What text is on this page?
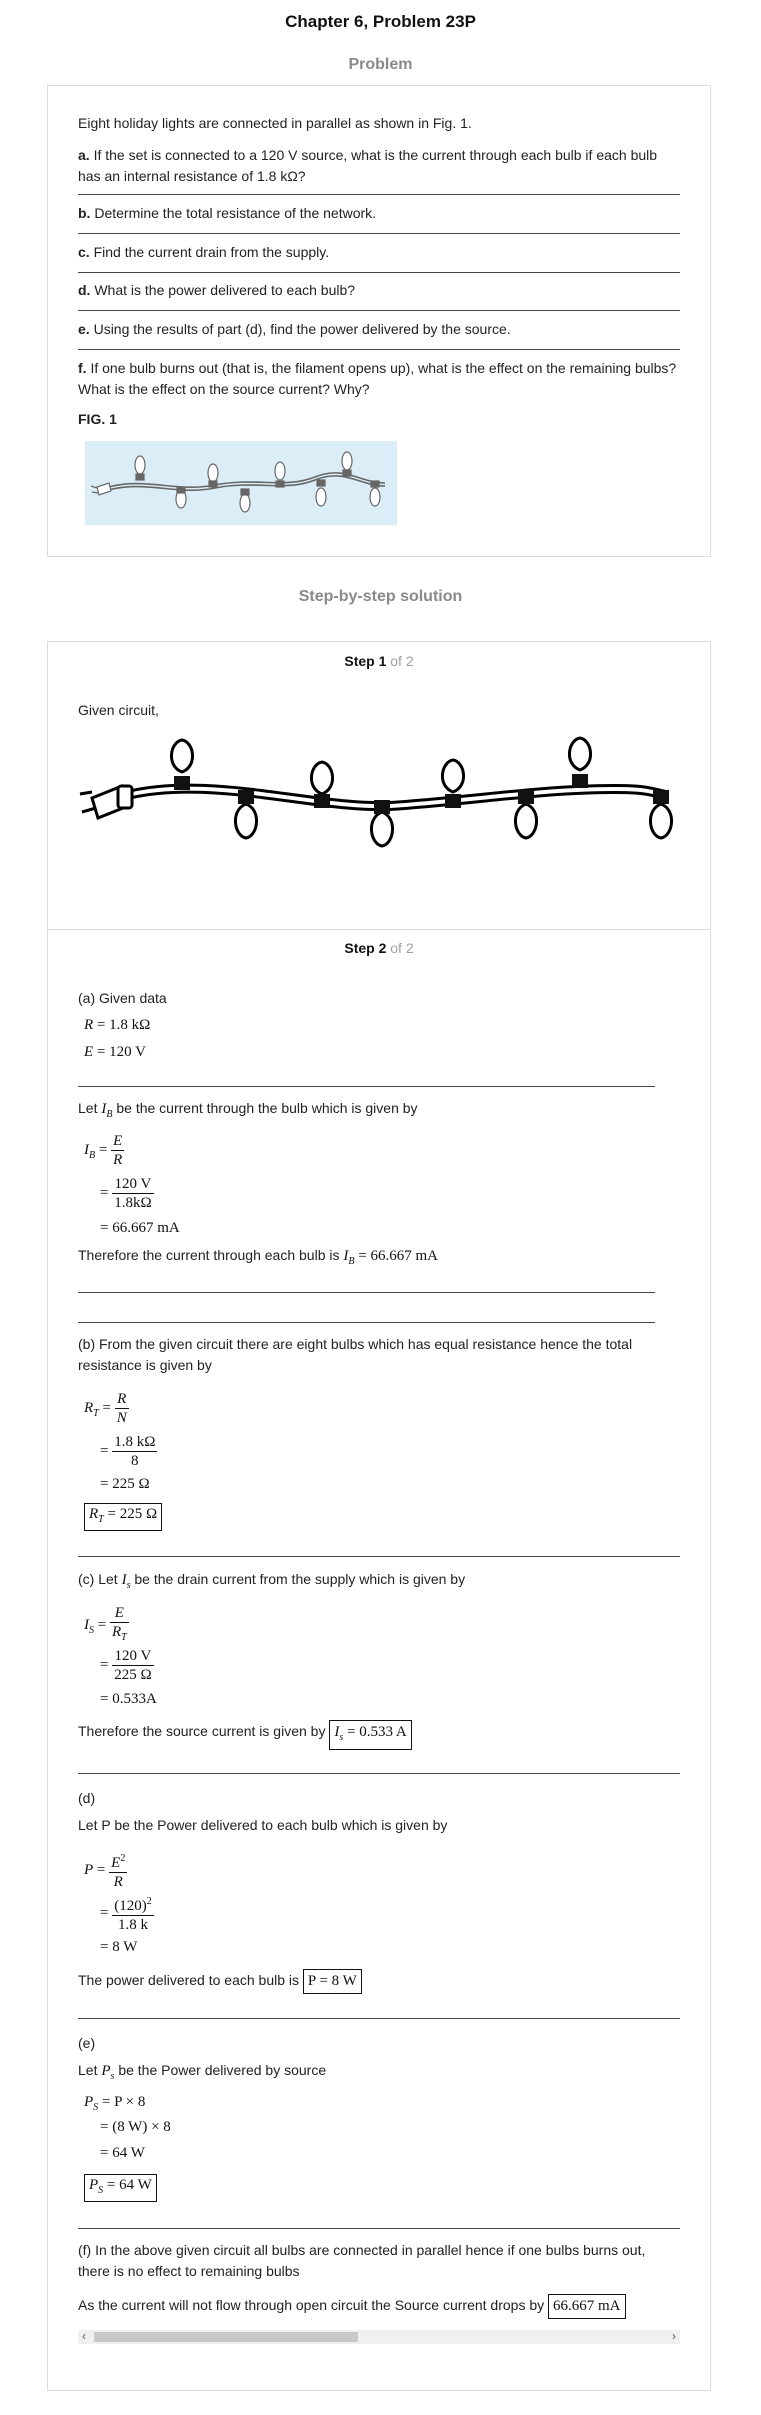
Chapter 6, Problem 23P
Problem
Eight holiday lights are connected in parallel as shown in Fig. 1.
a. If the set is connected to a 120 V source, what is the current through each bulb if each bulb has an internal resistance of 1.8 kΩ?
b. Determine the total resistance of the network.
c. Find the current drain from the supply.
d. What is the power delivered to each bulb?
e. Using the results of part (d), find the power delivered by the source.
f. If one bulb burns out (that is, the filament opens up), what is the effect on the remaining bulbs? What is the effect on the source current? Why?
FIG. 1
Step-by-step solution
Step 1 of 2
Given circuit,
Step 2 of 2
(a) Given data
R = 1.8 kΩ
E = 120 V
Let $I_B$ be the current through the bulb which is given by
$I_B = \frac{E}{R}$
= $\frac{120 V}{1.8k\Omega}$
= 66.667 mA
Therefore the current through each bulb is $I_B = 66.667$ mA
(b) From the given circuit there are eight bulbs which has equal resistance hence the total resistance is given by
$R_T = \frac{R}{N}$
= $\frac{1.8 k\Omega}{8}$
= 225 Ω
$R_T = 225$ Ω
(c) Let $I_s$ be the drain current from the supply which is given by
$I_S = \frac{E}{R_T}$
= $\frac{120 V}{225 \Omega}$
= 0.533A
Therefore the source current is given by $I_s = 0.533$ A
(d)
Let P be the Power delivered to each bulb which is given by
$P = \frac{E^2}{R}$
= $\frac{(120)^2}{1.8 k}$
= 8 W
The power delivered to each bulb is P = 8 W
(e)
Let $P_s$ be the Power delivered by source
$P_S = P \times 8$
= (8 W) × 8
= 64 W
$P_S = 64$ W
(f) In the above given circuit all bulbs are connected in parallel hence if one bulbs burns out, there is no effect to remaining bulbs
As the current will not flow through open circuit the Source current drops by 66.667 mA
‹	›
